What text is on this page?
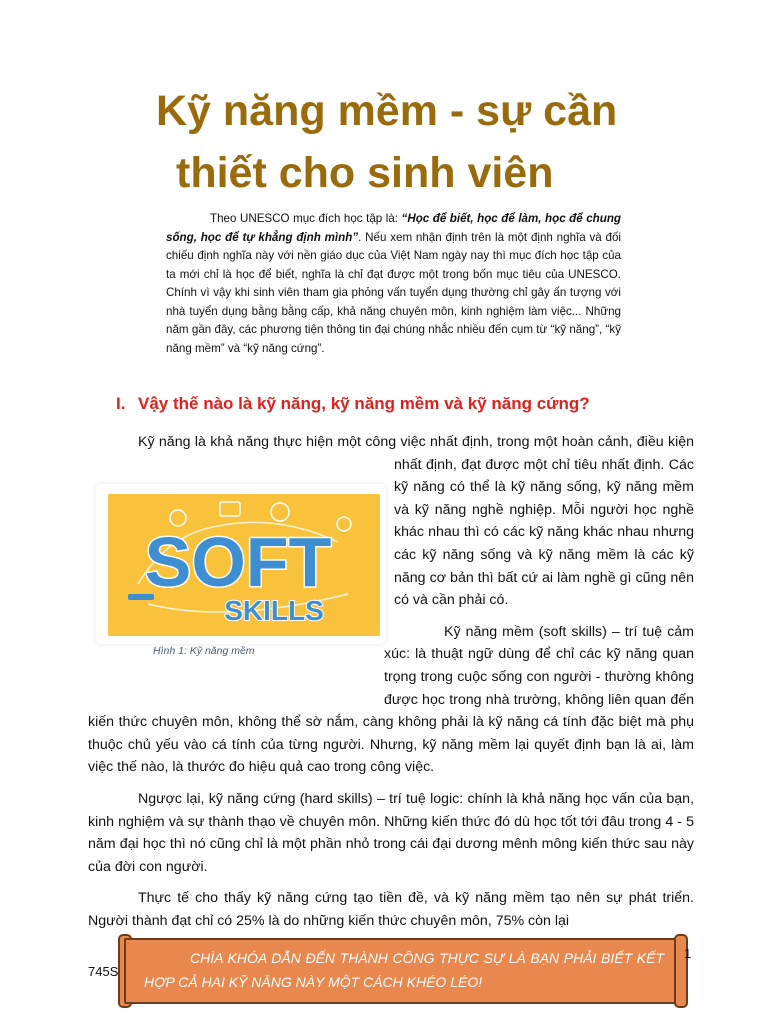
Kỹ năng mềm - sự cần
thiết cho sinh viên

Theo UNESCO mục đích học tập là: “Học để biết, học để làm, học để chung sống, học để tự khẳng định mình”. Nếu xem nhận định trên là một định nghĩa và đối chiếu định nghĩa này với nền giáo dục của Việt Nam ngày nay thì mục đích học tập của ta mới chỉ là học để biết, nghĩa là chỉ đạt được một trong bốn mục tiêu của UNESCO. Chính vì vậy khi sinh viên tham gia phỏng vấn tuyển dụng thường chỉ gây ấn tượng với nhà tuyển dụng bằng bằng cấp, khả năng chuyên môn, kinh nghiệm làm việc... Những năm gần đây, các phương tiện thông tin đại chúng nhắc nhiều đến cụm từ “kỹ năng”, “kỹ năng mềm” và “kỹ năng cứng”.

I. Vậy thế nào là kỹ năng, kỹ năng mềm và kỹ năng cứng?

Kỹ năng là khả năng thực hiện một công việc nhất định, trong một hoàn cảnh, điều kiện nhất định, đạt được một chỉ tiêu nhất định. Các kỹ năng có thể là kỹ năng sống, kỹ năng mềm và kỹ năng nghề nghiệp. Mỗi người học nghề khác nhau thì có các kỹ năng khác nhau nhưng các kỹ năng sống và kỹ năng mềm là các kỹ năng cơ bản thì bất cứ ai làm nghề gì cũng nên có và cần phải có.

Kỹ năng mềm (soft skills) – trí tuệ cảm xúc: là thuật ngữ dùng để chỉ các kỹ năng quan trọng trong cuộc sống con người - thường không được học trong nhà trường, không liên quan đến kiến thức chuyên môn, không thể sờ nắm, càng không phải là kỹ năng cá tính đặc biệt mà phụ thuộc chủ yếu vào cá tính của từng người. Nhưng, kỹ năng mềm lại quyết định bạn là ai, làm việc thế nào, là thước đo hiệu quả cao trong công việc.

Ngược lại, kỹ năng cứng (hard skills) – trí tuệ logic: chính là khả năng học vấn của bạn, kinh nghiệm và sự thành thạo về chuyên môn. Những kiến thức đó dù học tốt tới đâu trong 4 - 5 năm đại học thì nó cũng chỉ là một phần nhỏ trong cái đại dương mênh mông kiến thức sau này của đời con người.

Thực tế cho thấy kỹ năng cứng tạo tiền đề, và kỹ năng mềm tạo nên sự phát triển. Người thành đạt chỉ có 25% là do những kiến thức chuyên môn, 75% còn lại

SOFT
SKILLS
Hình 1: Kỹ năng mềm
CHÌA KHÓA DẪN ĐẾN THÀNH CÔNG THỰC SỰ LÀ BẠN PHẢI BIẾT KẾT HỢP CẢ HAI KỸ NĂNG NÀY MỘT CÁCH KHÉO LÉO!
745S
1
